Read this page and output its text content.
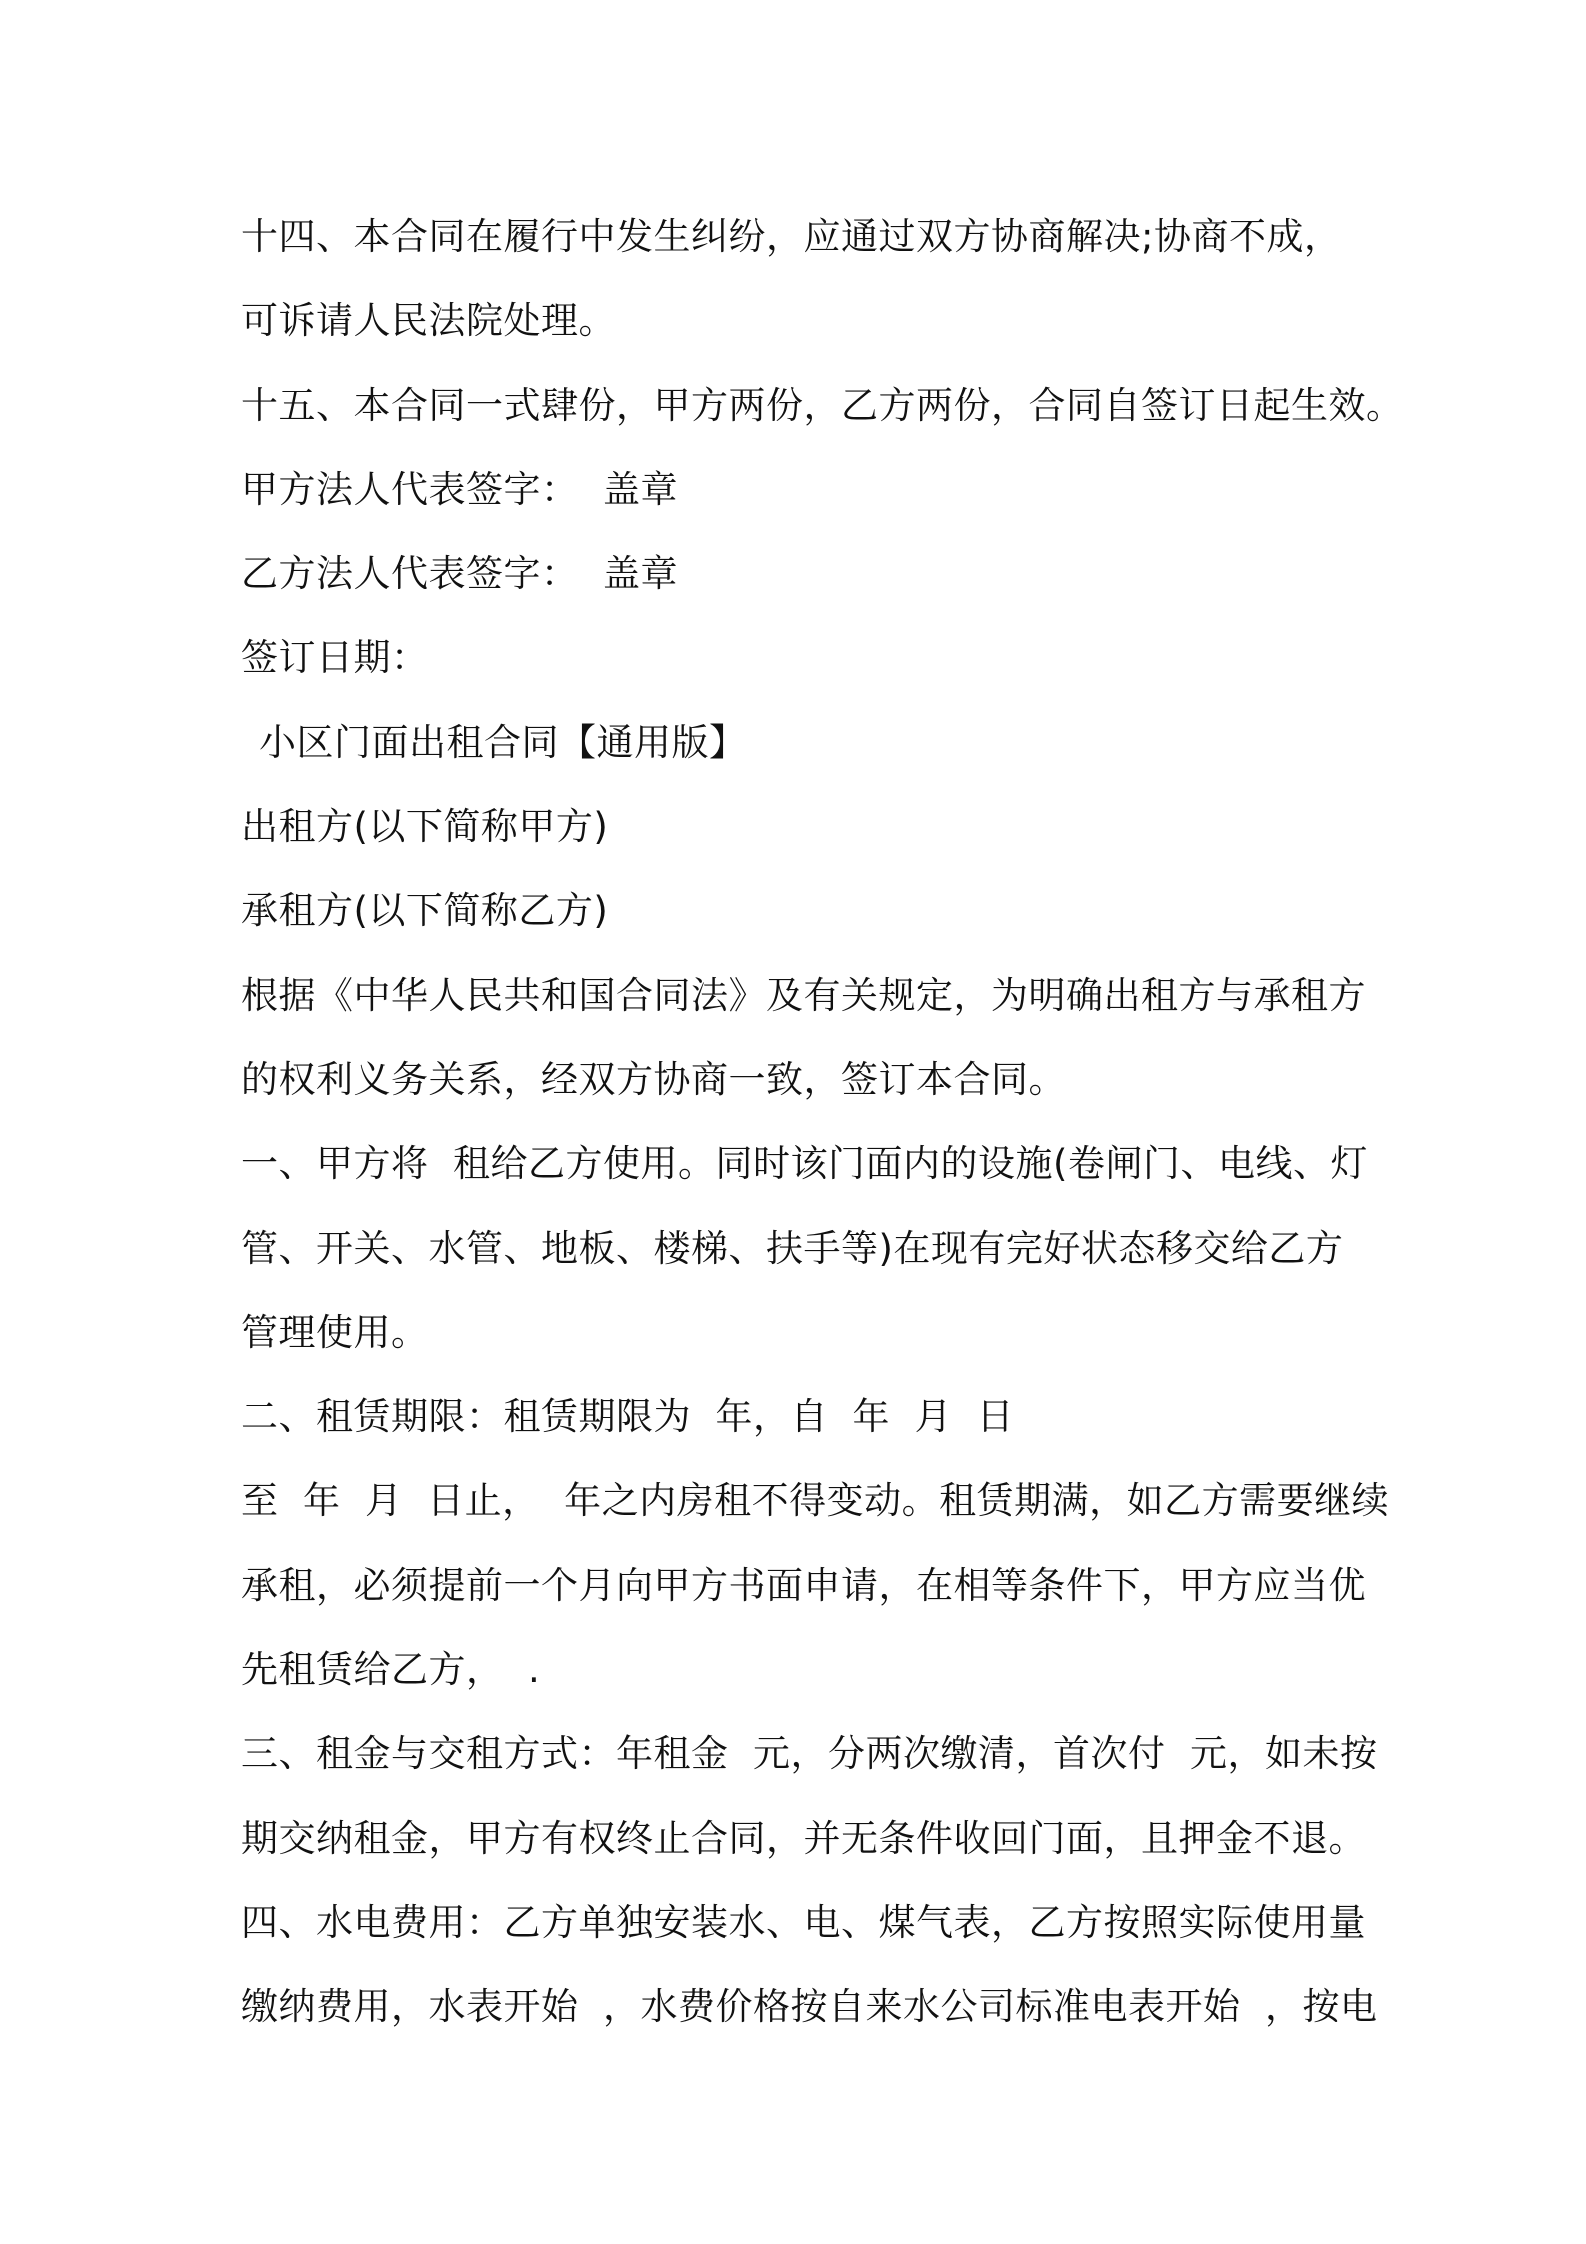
十四、本合同在履行中发生纠纷，应通过双方协商解决;协商不成，
可诉请人民法院处理。
十五、本合同一式肆份，甲方两份，乙方两份，合同自签订日起生效。
甲方法人代表签字：  盖章
乙方法人代表签字：  盖章
签订日期：
小区门面出租合同【通用版】
出租方(以下简称甲方)
承租方(以下简称乙方)
根据《中华人民共和国合同法》及有关规定，为明确出租方与承租方
的权利义务关系，经双方协商一致，签订本合同。
一、甲方将  租给乙方使用。同时该门面内的设施(卷闸门、电线、灯
管、开关、水管、地板、楼梯、扶手等)在现有完好状态移交给乙方
管理使用。
二、租赁期限：租赁期限为  年，自  年  月  日
至  年  月  日止，  年之内房租不得变动。租赁期满，如乙方需要继续
承租，必须提前一个月向甲方书面申请，在相等条件下，甲方应当优
先租赁给乙方，  .
三、租金与交租方式：年租金  元，分两次缴清，首次付  元，如未按
期交纳租金，甲方有权终止合同，并无条件收回门面，且押金不退。
四、水电费用：乙方单独安装水、电、煤气表，乙方按照实际使用量
缴纳费用，水表开始  ，水费价格按自来水公司标准电表开始  ，按电
